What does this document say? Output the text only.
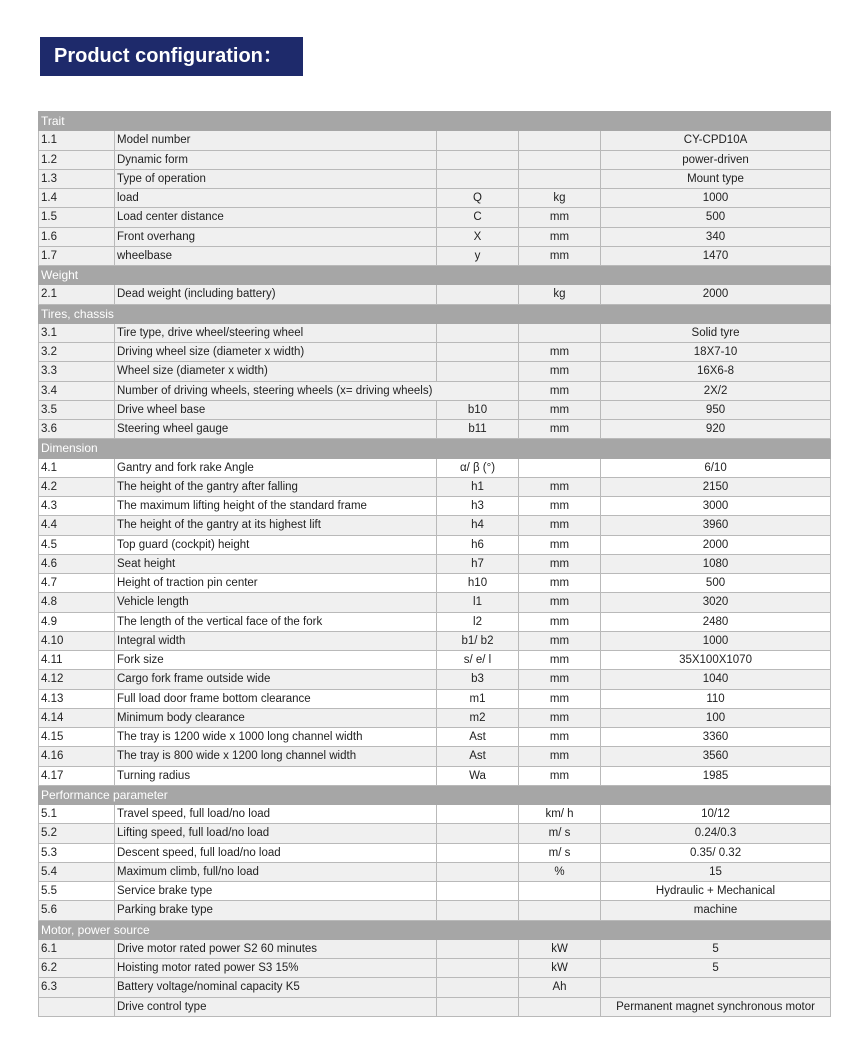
Product configuration：
Trait				
1.1	Model number			CY-CPD10A
1.2	Dynamic form			power-driven
1.3	Type of operation			Mount type
1.4	load	Q	kg	1000
1.5	Load center distance	C	mm	500
1.6	Front overhang	X	mm	340
1.7	wheelbase	y	mm	1470
Weight				
2.1	Dead weight (including battery)		kg	2000
Tires, chassis				
3.1	Tire type, drive wheel/steering wheel			Solid tyre
3.2	Driving wheel size (diameter x width)		mm	18X7-10
3.3	Wheel size (diameter x width)		mm	16X6-8
3.4	Number of driving wheels, steering wheels (x= driving wheels)		mm	2X/2
3.5	Drive wheel base	b10	mm	950
3.6	Steering wheel gauge	b11	mm	920
Dimension				
4.1	Gantry and fork rake Angle	α/ β (°)		6/10
4.2	The height of the gantry after falling	h1	mm	2150
4.3	The maximum lifting height of the standard frame	h3	mm	3000
4.4	The height of the gantry at its highest lift	h4	mm	3960
4.5	Top guard (cockpit) height	h6	mm	2000
4.6	Seat height	h7	mm	1080
4.7	Height of traction pin center	h10	mm	500
4.8	Vehicle length	l1	mm	3020
4.9	The length of the vertical face of the fork	l2	mm	2480
4.10	Integral width	b1/ b2	mm	1000
4.11	Fork size	s/ e/ l	mm	35X100X1070
4.12	Cargo fork frame outside wide	b3	mm	1040
4.13	Full load door frame bottom clearance	m1	mm	110
4.14	Minimum body clearance	m2	mm	100
4.15	The tray is 1200 wide x 1000 long channel width	Ast	mm	3360
4.16	The tray is 800 wide x 1200 long channel width	Ast	mm	3560
4.17	Turning radius	Wa	mm	1985
Performance parameter				
5.1	Travel speed, full load/no load		km/ h	10/12
5.2	Lifting speed, full load/no load		m/ s	0.24/0.3
5.3	Descent speed, full load/no load		m/ s	0.35/ 0.32
5.4	Maximum climb, full/no load		%	15
5.5	Service brake type			Hydraulic + Mechanical
5.6	Parking brake type			machine
Motor, power source				
6.1	Drive motor rated power S2 60 minutes		kW	5
6.2	Hoisting motor rated power S3 15%		kW	5
6.3	Battery voltage/nominal capacity K5		Ah	
	Drive control type			Permanent magnet synchronous motor
